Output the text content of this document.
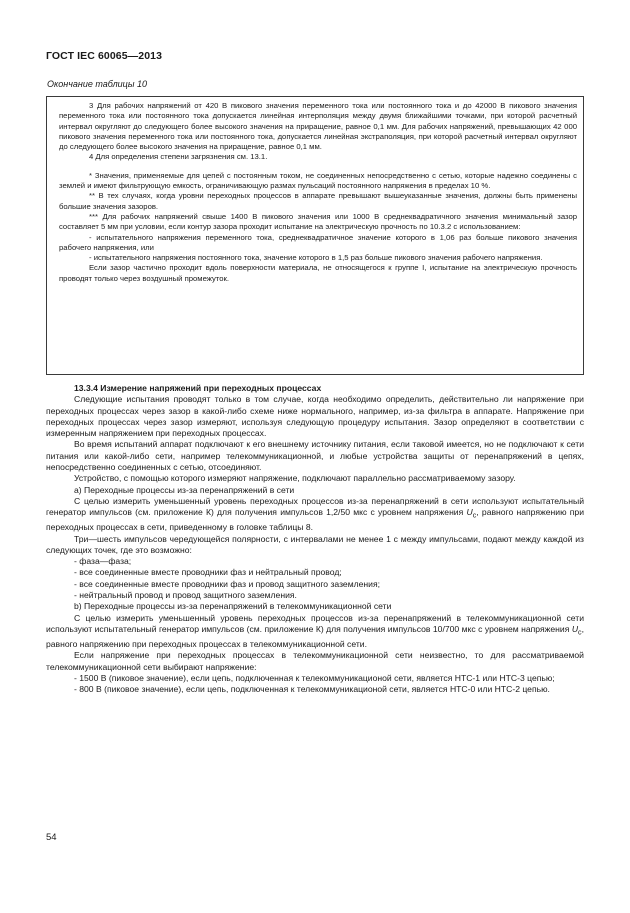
ГОСТ IEC 60065—2013
Окончание таблицы 10

3 Для рабочих напряжений от 420 В пикового значения переменного тока или постоянного тока и до 42000 В пикового значения переменного тока или постоянного тока допускается линейная интерполяция между двумя ближайшими точками, при которой расчетный интервал округляют до следующего более высокого значения на приращение, равное 0,1 мм. Для рабочих напряжений, превышающих 42 000 пикового значения переменного тока или постоянного тока, допускается линейная экстраполяция, при которой расчетный интервал округляют до следующего более высокого значения на приращение, равное 0,1 мм.

4 Для определения степени загрязнения см. 13.1.

* Значения, применяемые для цепей с постоянным током, не соединенных непосредственно с сетью, которые надежно соединены с землей и имеют фильтрующую емкость, ограничивающую размах пульсаций постоянного напряжения в пределах 10 %.

** В тех случаях, когда уровни переходных процессов в аппарате превышают вышеуказанные значения, должны быть применены большие значения зазоров.

*** Для рабочих напряжений свыше 1400 В пикового значения или 1000 В среднеквадратичного значения минимальный зазор составляет 5 мм при условии, если контур зазора проходит испытание на электрическую прочность по 10.3.2 с использованием:

- испытательного напряжения переменного тока, среднеквадратичное значение которого в 1,06 раз больше пикового значения рабочего напряжения, или

- испытательного напряжения постоянного тока, значение которого в 1,5 раз больше пикового значения рабочего напряжения.

Если зазор частично проходит вдоль поверхности материала, не относящегося к группе I, испытание на электрическую прочность проводят только через воздушный промежуток.

13.3.4 Измерение напряжений при переходных процессах

Следующие испытания проводят только в том случае, когда необходимо определить, действительно ли напряжение при переходных процессах через зазор в какой-либо схеме ниже нормального, например, из-за фильтра в аппарате. Напряжение при переходных процессах через зазор измеряют, используя следующую процедуру испытания. Зазор определяют в соответствии с измеренным напряжением при переходных процессах.

Во время испытаний аппарат подключают к его внешнему источнику питания, если таковой имеется, но не подключают к сети питания или какой-либо сети, например телекоммуникационной, и любые устройства защиты от перенапряжений в цепях, непосредственно соединенных с сетью, отсоединяют.

Устройство, с помощью которого измеряют напряжение, подключают параллельно рассматриваемому зазору.

а) Переходные процессы из-за перенапряжений в сети

С целью измерить уменьшенный уровень переходных процессов из-за перенапряжений в сети используют испытательный генератор импульсов (см. приложение К) для получения импульсов 1,2/50 мкс с уровнем напряжения $U_c$, равного напряжению при переходных процессах в сети, приведенному в головке таблицы 8.

Три—шесть импульсов чередующейся полярности, с интервалами не менее 1 с между импульсами, подают между каждой из следующих точек, где это возможно:

- фаза—фаза;

- все соединенные вместе проводники фаз и нейтральный провод;

- все соединенные вместе проводники фаз и провод защитного заземления;

- нейтральный провод и провод защитного заземления.

b) Переходные процессы из-за перенапряжений в телекоммуникационной сети

С целью измерить уменьшенный уровень переходных процессов из-за перенапряжений в телекоммуникационной сети используют испытательный генератор импульсов (см. приложение К) для получения импульсов 10/700 мкс с уровнем напряжения $U_c$, равного напряжению при переходных процессах в телекоммуникационной сети.

Если напряжение при переходных процессах в телекоммуникационной сети неизвестно, то для рассматриваемой телекоммуникационной сети выбирают напряжение:

- 1500 В (пиковое значение), если цепь, подключенная к телекоммуникационой сети, является НТС-1 или НТС-3 цепью;

- 800 В (пиковое значение), если цепь, подключенная к телекоммуникационой сети, является НТС-0 или НТС-2 цепью.

54
